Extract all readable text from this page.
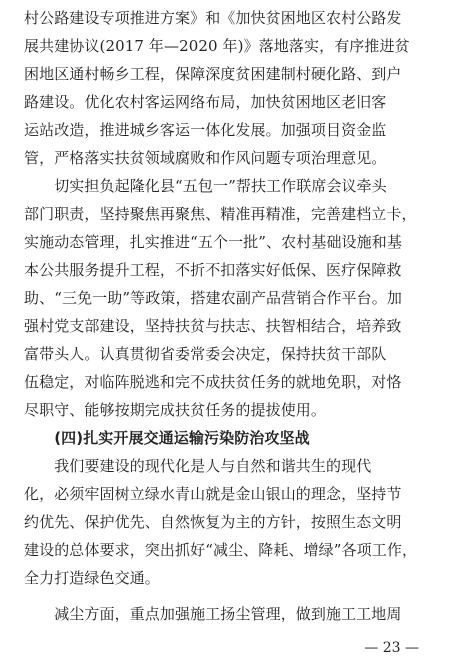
村公路建设专项推进方案》和《加快贫困地区农村公路发
展共建协议(2017 年—2020 年)》落地落实，有序推进贫
困地区通村畅乡工程，保障深度贫困建制村硬化路、到户
路建设。优化农村客运网络布局，加快贫困地区老旧客
运站改造，推进城乡客运一体化发展。加强项目资金监
管，严格落实扶贫领域腐败和作风问题专项治理意见。
　　切实担负起隆化县“五包一”帮扶工作联席会议牵头
部门职责，坚持聚焦再聚焦、精准再精准，完善建档立卡，
实施动态管理，扎实推进“五个一批”、农村基础设施和基
本公共服务提升工程，不折不扣落实好低保、医疗保障救
助、“三免一助”等政策，搭建农副产品营销合作平台。加
强村党支部建设，坚持扶贫与扶志、扶智相结合，培养致
富带头人。认真贯彻省委常委会决定，保持扶贫干部队
伍稳定，对临阵脱逃和完不成扶贫任务的就地免职，对恪
尽职守、能够按期完成扶贫任务的提拔使用。
　　(四)扎实开展交通运输污染防治攻坚战
　　我们要建设的现代化是人与自然和谐共生的现代
化，必须牢固树立绿水青山就是金山银山的理念，坚持节
约优先、保护优先、自然恢复为主的方针，按照生态文明
建设的总体要求，突出抓好“减尘、降耗、增绿”各项工作，
全力打造绿色交通。
　　减尘方面，重点加强施工扬尘管理，做到施工工地周
— 23 —
